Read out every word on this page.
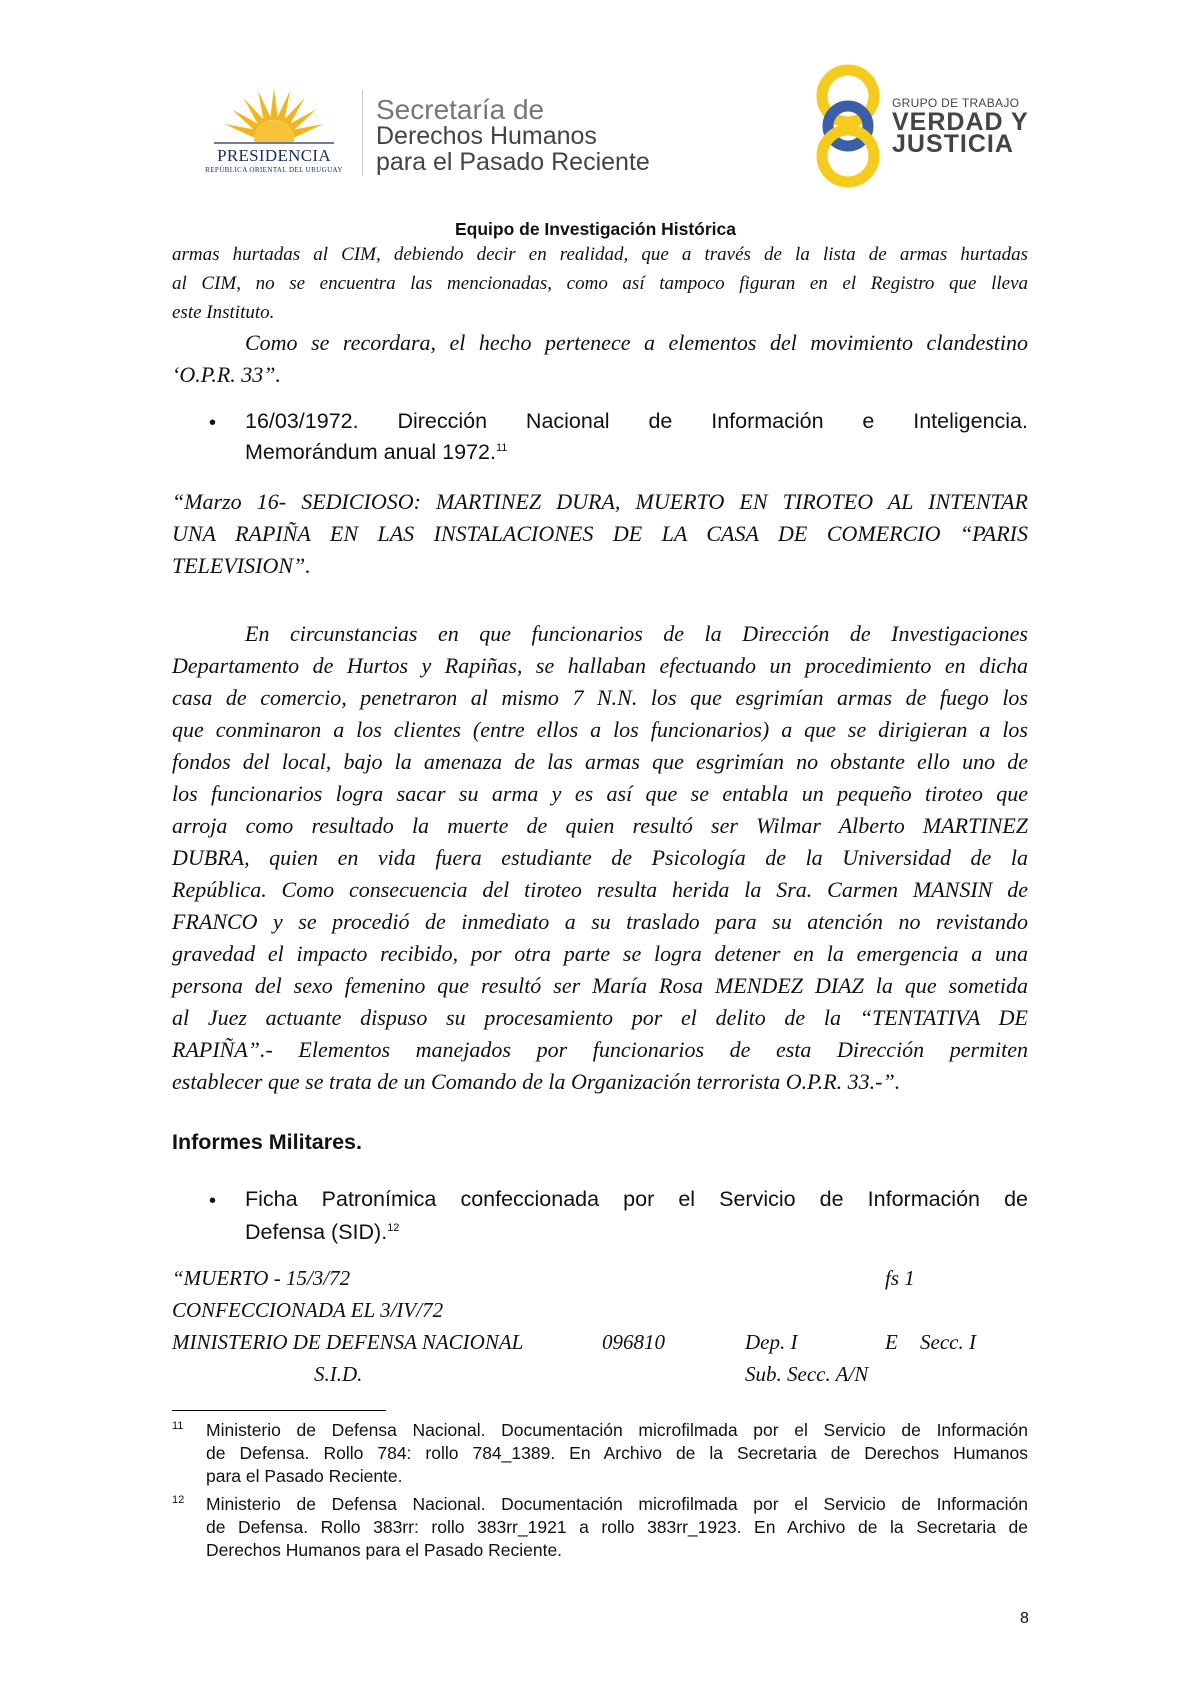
PRESIDENCIA
REPÚBLICA ORIENTAL DEL URUGUAY
Secretaría de
Derechos Humanos
para el Pasado Reciente
GRUPO DE TRABAJO
VERDAD Y
JUSTICIA
Equipo de Investigación Histórica
armas hurtadas al CIM, debiendo decir en realidad, que a través de la lista de armas hurtadas
al CIM, no se encuentra las mencionadas, como así tampoco figuran en el Registro que lleva
este Instituto.
Como se recordara, el hecho pertenece a elementos del movimiento clandestino
‘O.P.R. 33”.
• 16/03/1972. Dirección Nacional de Información e Inteligencia.
Memorándum anual 1972.11
“Marzo 16- SEDICIOSO: MARTINEZ DURA, MUERTO EN TIROTEO AL INTENTAR
UNA RAPIÑA EN LAS INSTALACIONES DE LA CASA DE COMERCIO “PARIS
TELEVISION”.
En circunstancias en que funcionarios de la Dirección de Investigaciones
Departamento de Hurtos y Rapiñas, se hallaban efectuando un procedimiento en dicha
casa de comercio, penetraron al mismo 7 N.N. los que esgrimían armas de fuego los
que conminaron a los clientes (entre ellos a los funcionarios) a que se dirigieran a los
fondos del local, bajo la amenaza de las armas que esgrimían no obstante ello uno de
los funcionarios logra sacar su arma y es así que se entabla un pequeño tiroteo que
arroja como resultado la muerte de quien resultó ser Wilmar Alberto MARTINEZ
DUBRA, quien en vida fuera estudiante de Psicología de la Universidad de la
República. Como consecuencia del tiroteo resulta herida la Sra. Carmen MANSIN de
FRANCO y se procedió de inmediato a su traslado para su atención no revistando
gravedad el impacto recibido, por otra parte se logra detener en la emergencia a una
persona del sexo femenino que resultó ser María Rosa MENDEZ DIAZ la que sometida
al Juez actuante dispuso su procesamiento por el delito de la “TENTATIVA DE
RAPIÑA”.- Elementos manejados por funcionarios de esta Dirección permiten
establecer que se trata de un Comando de la Organización terrorista O.P.R. 33.-”.
Informes Militares.
• Ficha Patronímica confeccionada por el Servicio de Información de
Defensa (SID).$^{12}$
“MUERTO - 15/3/72	fs 1
CONFECCIONADA EL 3/IV/72
MINISTERIO DE DEFENSA NACIONAL	096810	Dep. I	E Secc. I
S.I.D.	Sub. Secc. A/N
11 Ministerio de Defensa Nacional. Documentación microfilmada por el Servicio de Información
de Defensa. Rollo 784: rollo 784_1389. En Archivo de la Secretaria de Derechos Humanos
para el Pasado Reciente.
12 Ministerio de Defensa Nacional. Documentación microfilmada por el Servicio de Información
de Defensa. Rollo 383rr: rollo 383rr_1921 a rollo 383rr_1923. En Archivo de la Secretaria de
Derechos Humanos para el Pasado Reciente.
8
